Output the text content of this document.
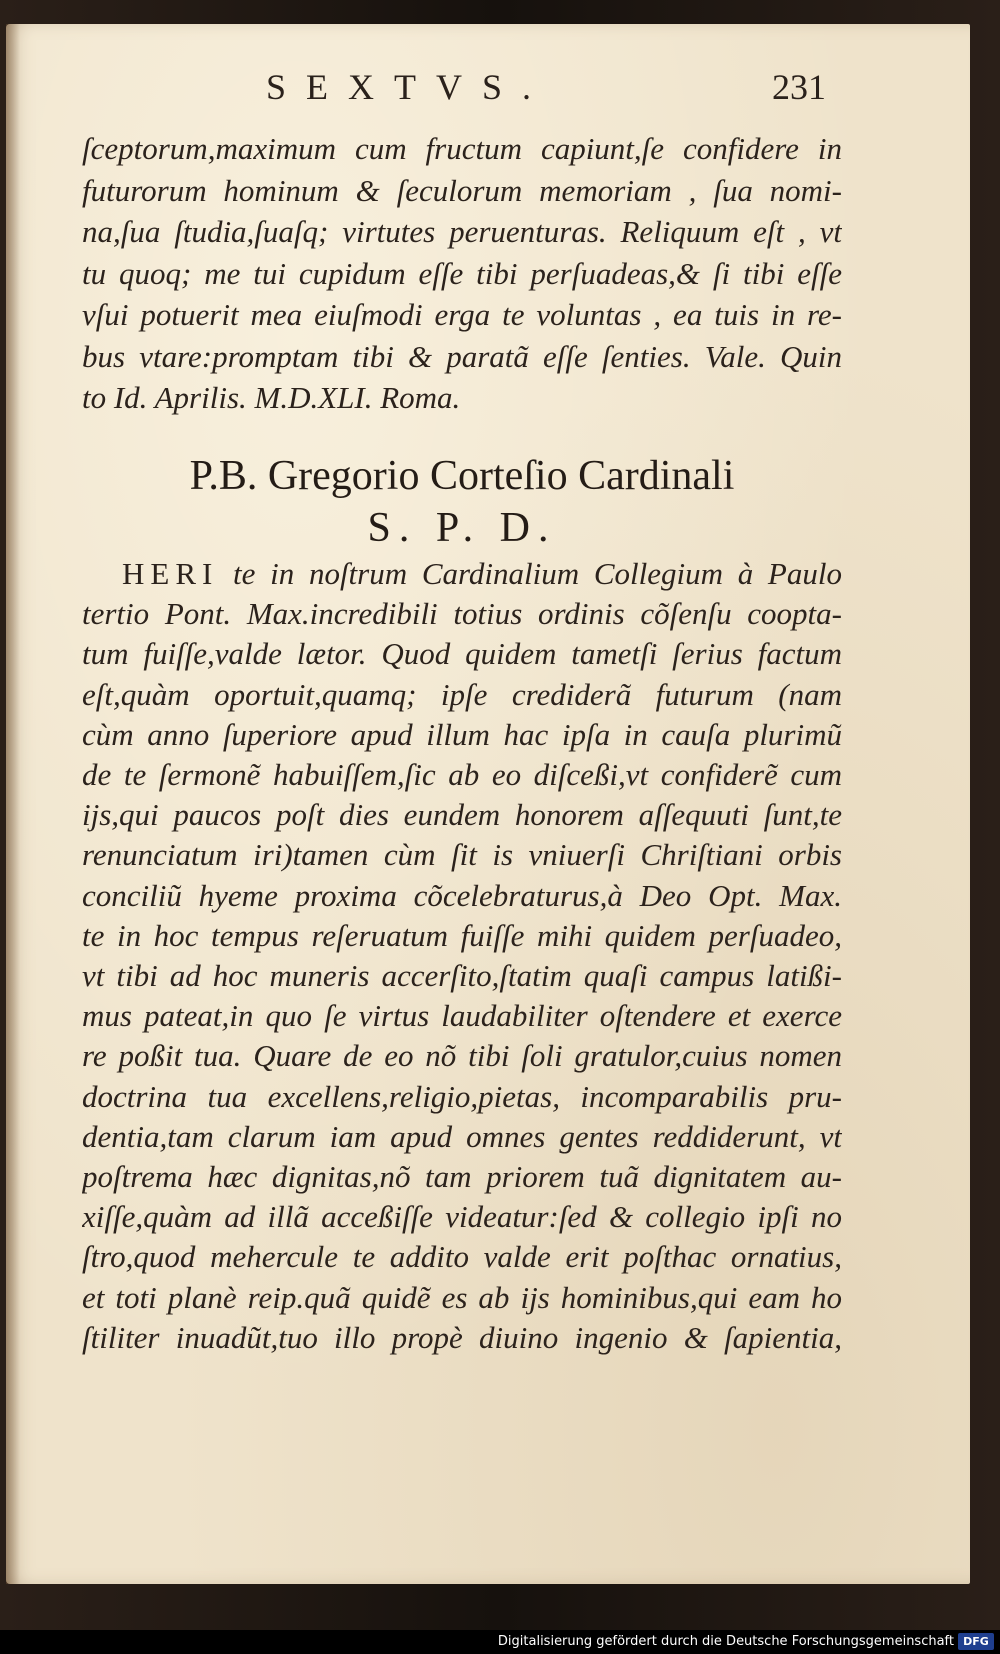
SEXTVS.	231
ſceptorum,maximum cum fructum capiunt,ſe confidere in
futurorum hominum & ſeculorum memoriam , ſua nomi-
na,ſua ſtudia,ſuaſq; virtutes peruenturas. Reliquum eſt , vt
tu quoq; me tui cupidum eſſe tibi perſuadeas,& ſi tibi eſſe
vſui potuerit mea eiuſmodi erga te voluntas , ea tuis in re-
bus vtare:promptam tibi & paratã eſſe ſenties. Vale. Quin
to Id. Aprilis. M.D.XLI. Roma.
P.B. Gregorio Corteſio Cardinali
S. P. D.
HERI te in noſtrum Cardinalium Collegium à Paulo
tertio Pont. Max.incredibili totius ordinis cõſenſu coopta-
tum fuiſſe,valde lætor. Quod quidem tametſi ſerius factum
eſt,quàm oportuit,quamq; ipſe crediderã futurum (nam
cùm anno ſuperiore apud illum hac ipſa in cauſa plurimũ
de te ſermonẽ habuiſſem,ſic ab eo diſceßi,vt confiderẽ cum
ijs,qui paucos poſt dies eundem honorem aſſequuti ſunt,te
renunciatum iri)tamen cùm ſit is vniuerſi Chriſtiani orbis
conciliũ hyeme proxima cõcelebraturus,à Deo Opt. Max.
te in hoc tempus reſeruatum fuiſſe mihi quidem perſuadeo,
vt tibi ad hoc muneris accerſito,ſtatim quaſi campus latißi-
mus pateat,in quo ſe virtus laudabiliter oſtendere et exerce
re poßit tua. Quare de eo nõ tibi ſoli gratulor,cuius nomen
doctrina tua excellens,religio,pietas, incomparabilis pru-
dentia,tam clarum iam apud omnes gentes reddiderunt, vt
poſtrema hæc dignitas,nõ tam priorem tuã dignitatem au-
xiſſe,quàm ad illã acceßiſſe videatur:ſed & collegio ipſi no
ſtro,quod mehercule te addito valde erit poſthac ornatius,
et toti planè reip.quã quidẽ es ab ijs hominibus,qui eam ho
ſtiliter inuadũt,tuo illo propè diuino ingenio & ſapientia,
Digitalisierung gefördert durch die Deutsche Forschungsgemeinschaft DFG
